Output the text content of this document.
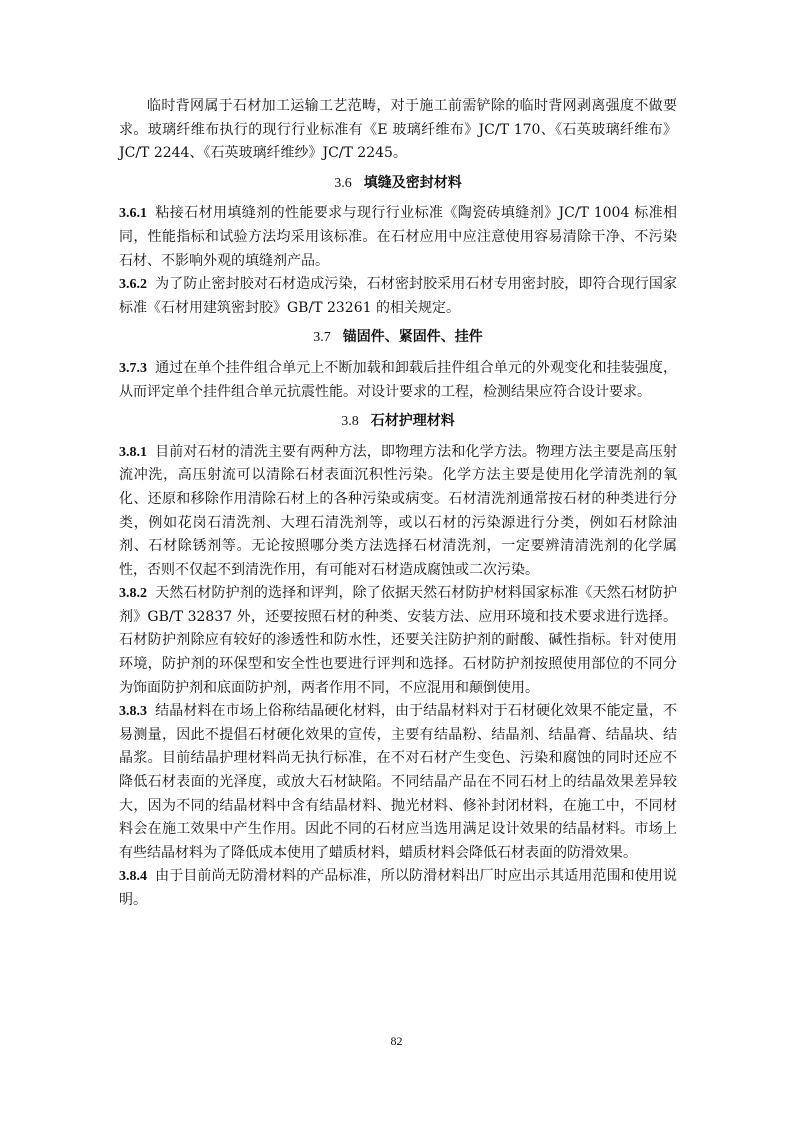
临时背网属于石材加工运输工艺范畴，对于施工前需铲除的临时背网剥离强度不做要求。玻璃纤维布执行的现行行业标准有《E 玻璃纤维布》JC/T 170、《石英玻璃纤维布》JC/T 2244、《石英玻璃纤维纱》JC/T 2245。

3.6 填缝及密封材料

3.6.1 粘接石材用填缝剂的性能要求与现行行业标准《陶瓷砖填缝剂》JC/T 1004 标准相同，性能指标和试验方法均采用该标准。在石材应用中应注意使用容易清除干净、不污染石材、不影响外观的填缝剂产品。

3.6.2 为了防止密封胶对石材造成污染，石材密封胶采用石材专用密封胶，即符合现行国家标准《石材用建筑密封胶》GB/T 23261 的相关规定。

3.7 锚固件、紧固件、挂件

3.7.3 通过在单个挂件组合单元上不断加载和卸载后挂件组合单元的外观变化和挂装强度，从而评定单个挂件组合单元抗震性能。对设计要求的工程，检测结果应符合设计要求。

3.8 石材护理材料

3.8.1 目前对石材的清洗主要有两种方法，即物理方法和化学方法。物理方法主要是高压射流冲洗，高压射流可以清除石材表面沉积性污染。化学方法主要是使用化学清洗剂的氧化、还原和移除作用清除石材上的各种污染或病变。石材清洗剂通常按石材的种类进行分类，例如花岗石清洗剂、大理石清洗剂等，或以石材的污染源进行分类，例如石材除油剂、石材除锈剂等。无论按照哪分类方法选择石材清洗剂，一定要辨清清洗剂的化学属性，否则不仅起不到清洗作用，有可能对石材造成腐蚀或二次污染。

3.8.2 天然石材防护剂的选择和评判，除了依据天然石材防护材料国家标准《天然石材防护剂》GB/T 32837 外，还要按照石材的种类、安装方法、应用环境和技术要求进行选择。石材防护剂除应有较好的渗透性和防水性，还要关注防护剂的耐酸、碱性指标。针对使用环境，防护剂的环保型和安全性也要进行评判和选择。石材防护剂按照使用部位的不同分为饰面防护剂和底面防护剂，两者作用不同，不应混用和颠倒使用。

3.8.3 结晶材料在市场上俗称结晶硬化材料，由于结晶材料对于石材硬化效果不能定量，不易测量，因此不提倡石材硬化效果的宣传，主要有结晶粉、结晶剂、结晶膏、结晶块、结晶浆。目前结晶护理材料尚无执行标准，在不对石材产生变色、污染和腐蚀的同时还应不降低石材表面的光泽度，或放大石材缺陷。不同结晶产品在不同石材上的结晶效果差异较大，因为不同的结晶材料中含有结晶材料、抛光材料、修补封闭材料，在施工中，不同材料会在施工效果中产生作用。因此不同的石材应当选用满足设计效果的结晶材料。市场上有些结晶材料为了降低成本使用了蜡质材料，蜡质材料会降低石材表面的防滑效果。

3.8.4 由于目前尚无防滑材料的产品标准，所以防滑材料出厂时应出示其适用范围和使用说明。

82
